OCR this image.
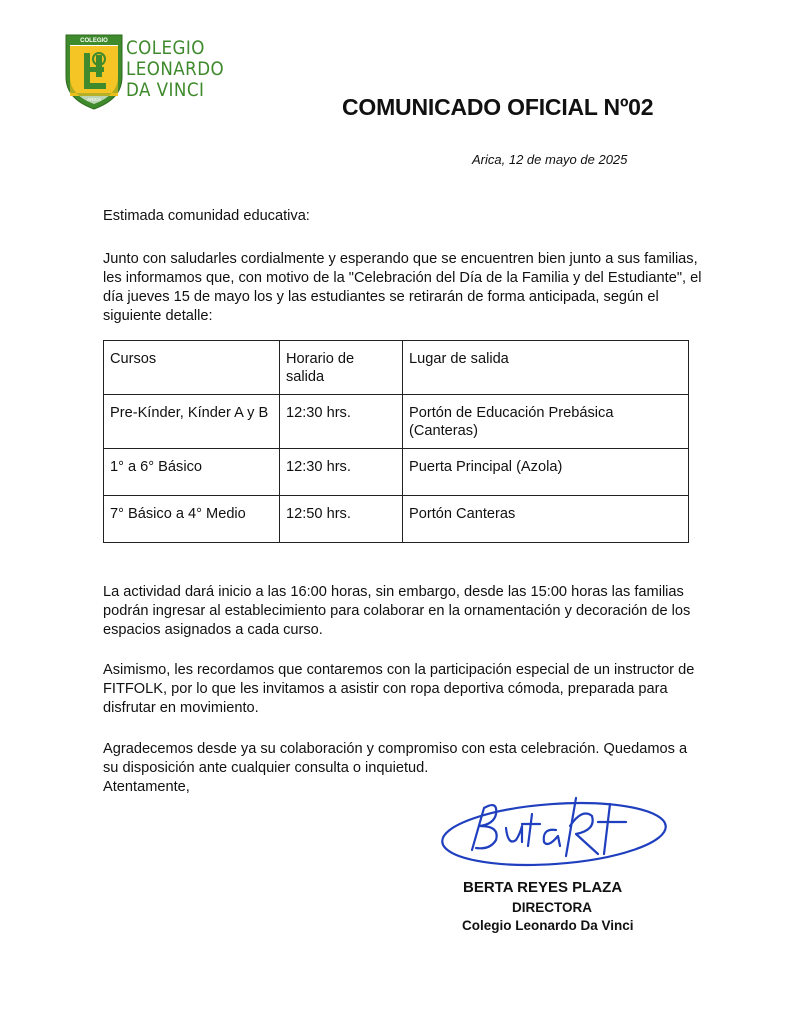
COLEGIO
ARICA
COLEGIO
LEONARDO
DA VINCI
COMUNICADO OFICIAL Nº02
Arica, 12 de mayo de 2025

Estimada comunidad educativa:

Junto con saludarles cordialmente y esperando que se encuentren bien junto a sus familias, les informamos que, con motivo de la "Celebración del Día de la Familia y del Estudiante", el día jueves 15 de mayo los y las estudiantes se retirarán de forma anticipada, según el siguiente detalle:

Cursos	Horario de salida	Lugar de salida
Pre-Kínder, Kínder A y B	12:30 hrs.	Portón de Educación Prebásica (Canteras)
1° a 6° Básico	12:30 hrs.	Puerta Principal (Azola)
7° Básico a 4° Medio	12:50 hrs.	Portón Canteras

La actividad dará inicio a las 16:00 horas, sin embargo, desde las 15:00 horas las familias podrán ingresar al establecimiento para colaborar en la ornamentación y decoración de los espacios asignados a cada curso.

Asimismo, les recordamos que contaremos con la participación especial de un instructor de FITFOLK, por lo que les invitamos a asistir con ropa deportiva cómoda, preparada para disfrutar en movimiento.

Agradecemos desde ya su colaboración y compromiso con esta celebración. Quedamos a su disposición ante cualquier consulta o inquietud.

Atentamente,

BERTA REYES PLAZA
DIRECTORA
Colegio Leonardo Da Vinci
